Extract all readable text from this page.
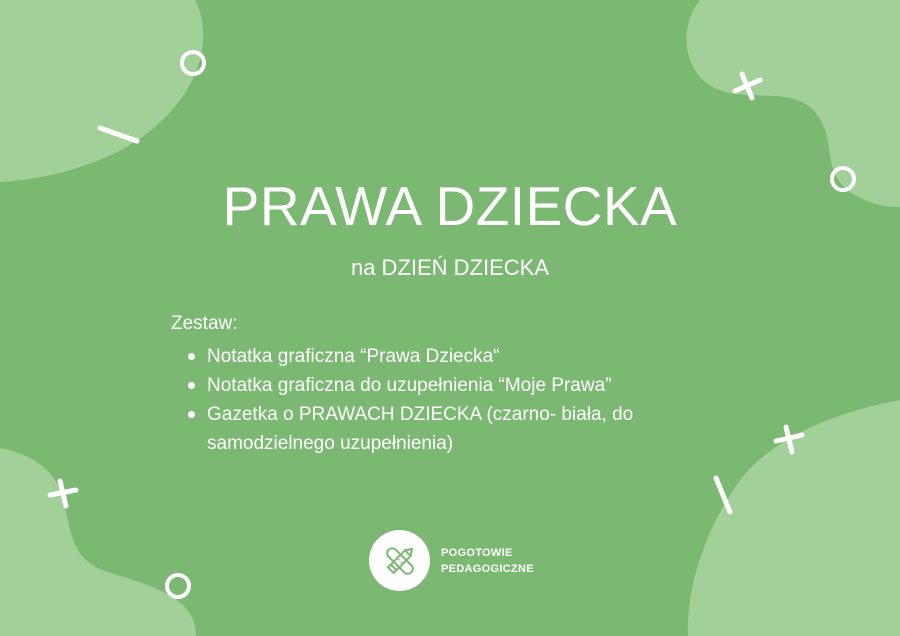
PRAWA DZIECKA

na DZIEŃ DZIECKA

Zestaw:

Notatka graficzna “Prawa Dziecka“
Notatka graficzna do uzupełnienia “Moje Prawa”
Gazetka o PRAWACH DZIECKA (czarno- biała, do samodzielnego uzupełnienia)
POGOTOWIE
PEDAGOGICZNE
